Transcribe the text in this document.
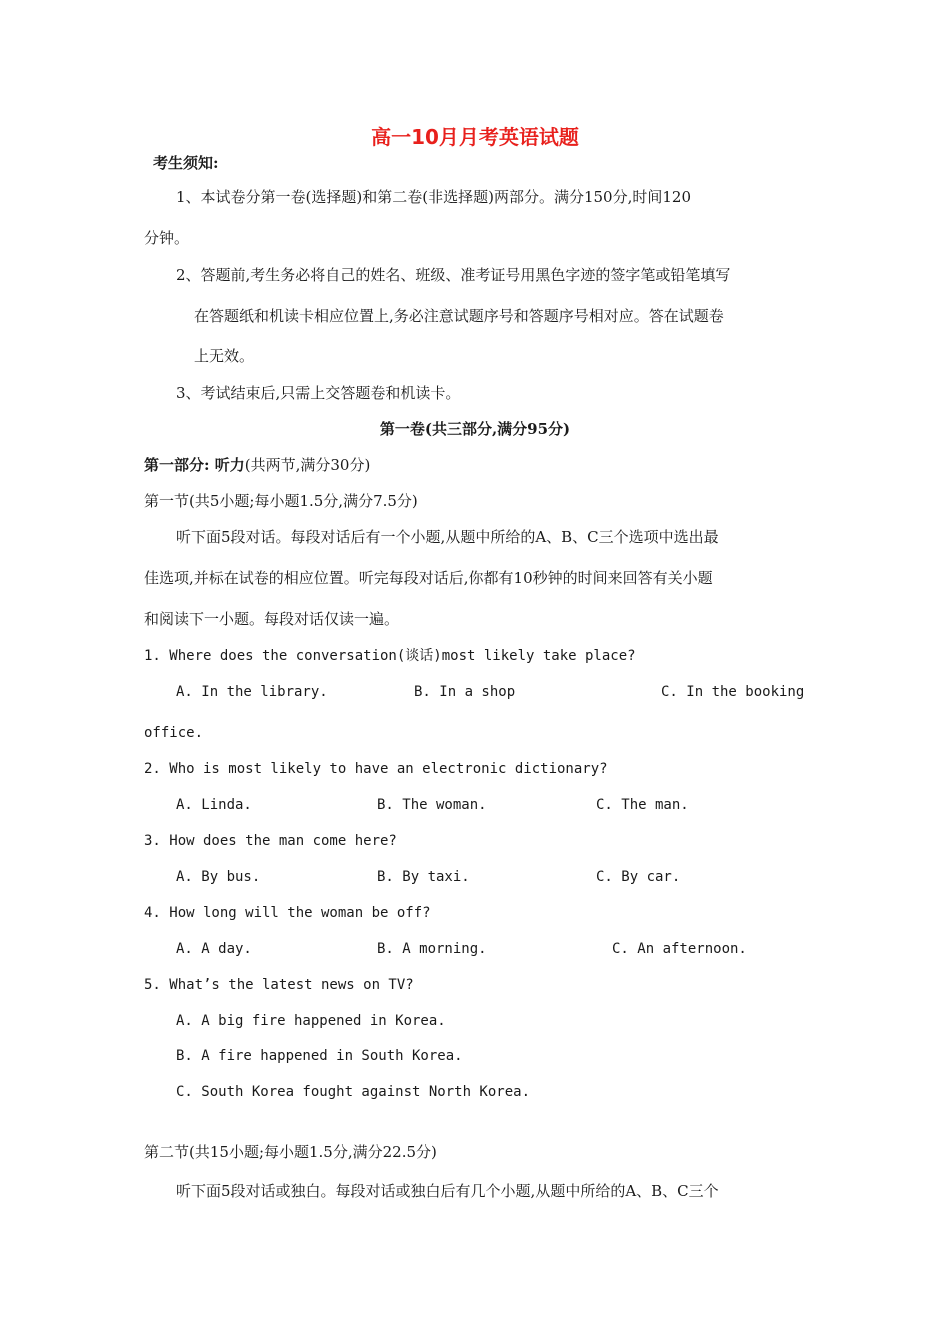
高一10月月考英语试题
考生须知:
1、本试卷分第一卷(选择题)和第二卷(非选择题)两部分。满分150分,时间120
分钟。
2、答题前,考生务必将自己的姓名、班级、准考证号用黑色字迹的签字笔或铅笔填写
在答题纸和机读卡相应位置上,务必注意试题序号和答题序号相对应。答在试题卷
上无效。
3、考试结束后,只需上交答题卷和机读卡。
第一卷(共三部分,满分95分)
第一部分: 听力(共两节,满分30分)
第一节(共5小题;每小题1.5分,满分7.5分)
听下面5段对话。每段对话后有一个小题,从题中所给的A、B、C三个选项中选出最
佳选项,并标在试卷的相应位置。听完每段对话后,你都有10秒钟的时间来回答有关小题
和阅读下一小题。每段对话仅读一遍。
1. Where does the conversation(谈话)most likely take place?
A. In the library.	B. In a shop	C. In the booking
office.
2. Who is most likely to have an electronic dictionary?
A. Linda.	B. The woman.	C. The man.
3. How does the man come here?
A. By bus.	B. By taxi.	C. By car.
4. How long will the woman be off?
A. A day.	B. A morning.	C. An afternoon.
5. What’s the latest news on TV?
A. A big fire happened in Korea.
B. A fire happened in South Korea.
C. South Korea fought against North Korea.
第二节(共15小题;每小题1.5分,满分22.5分)
听下面5段对话或独白。每段对话或独白后有几个小题,从题中所给的A、B、C三个
